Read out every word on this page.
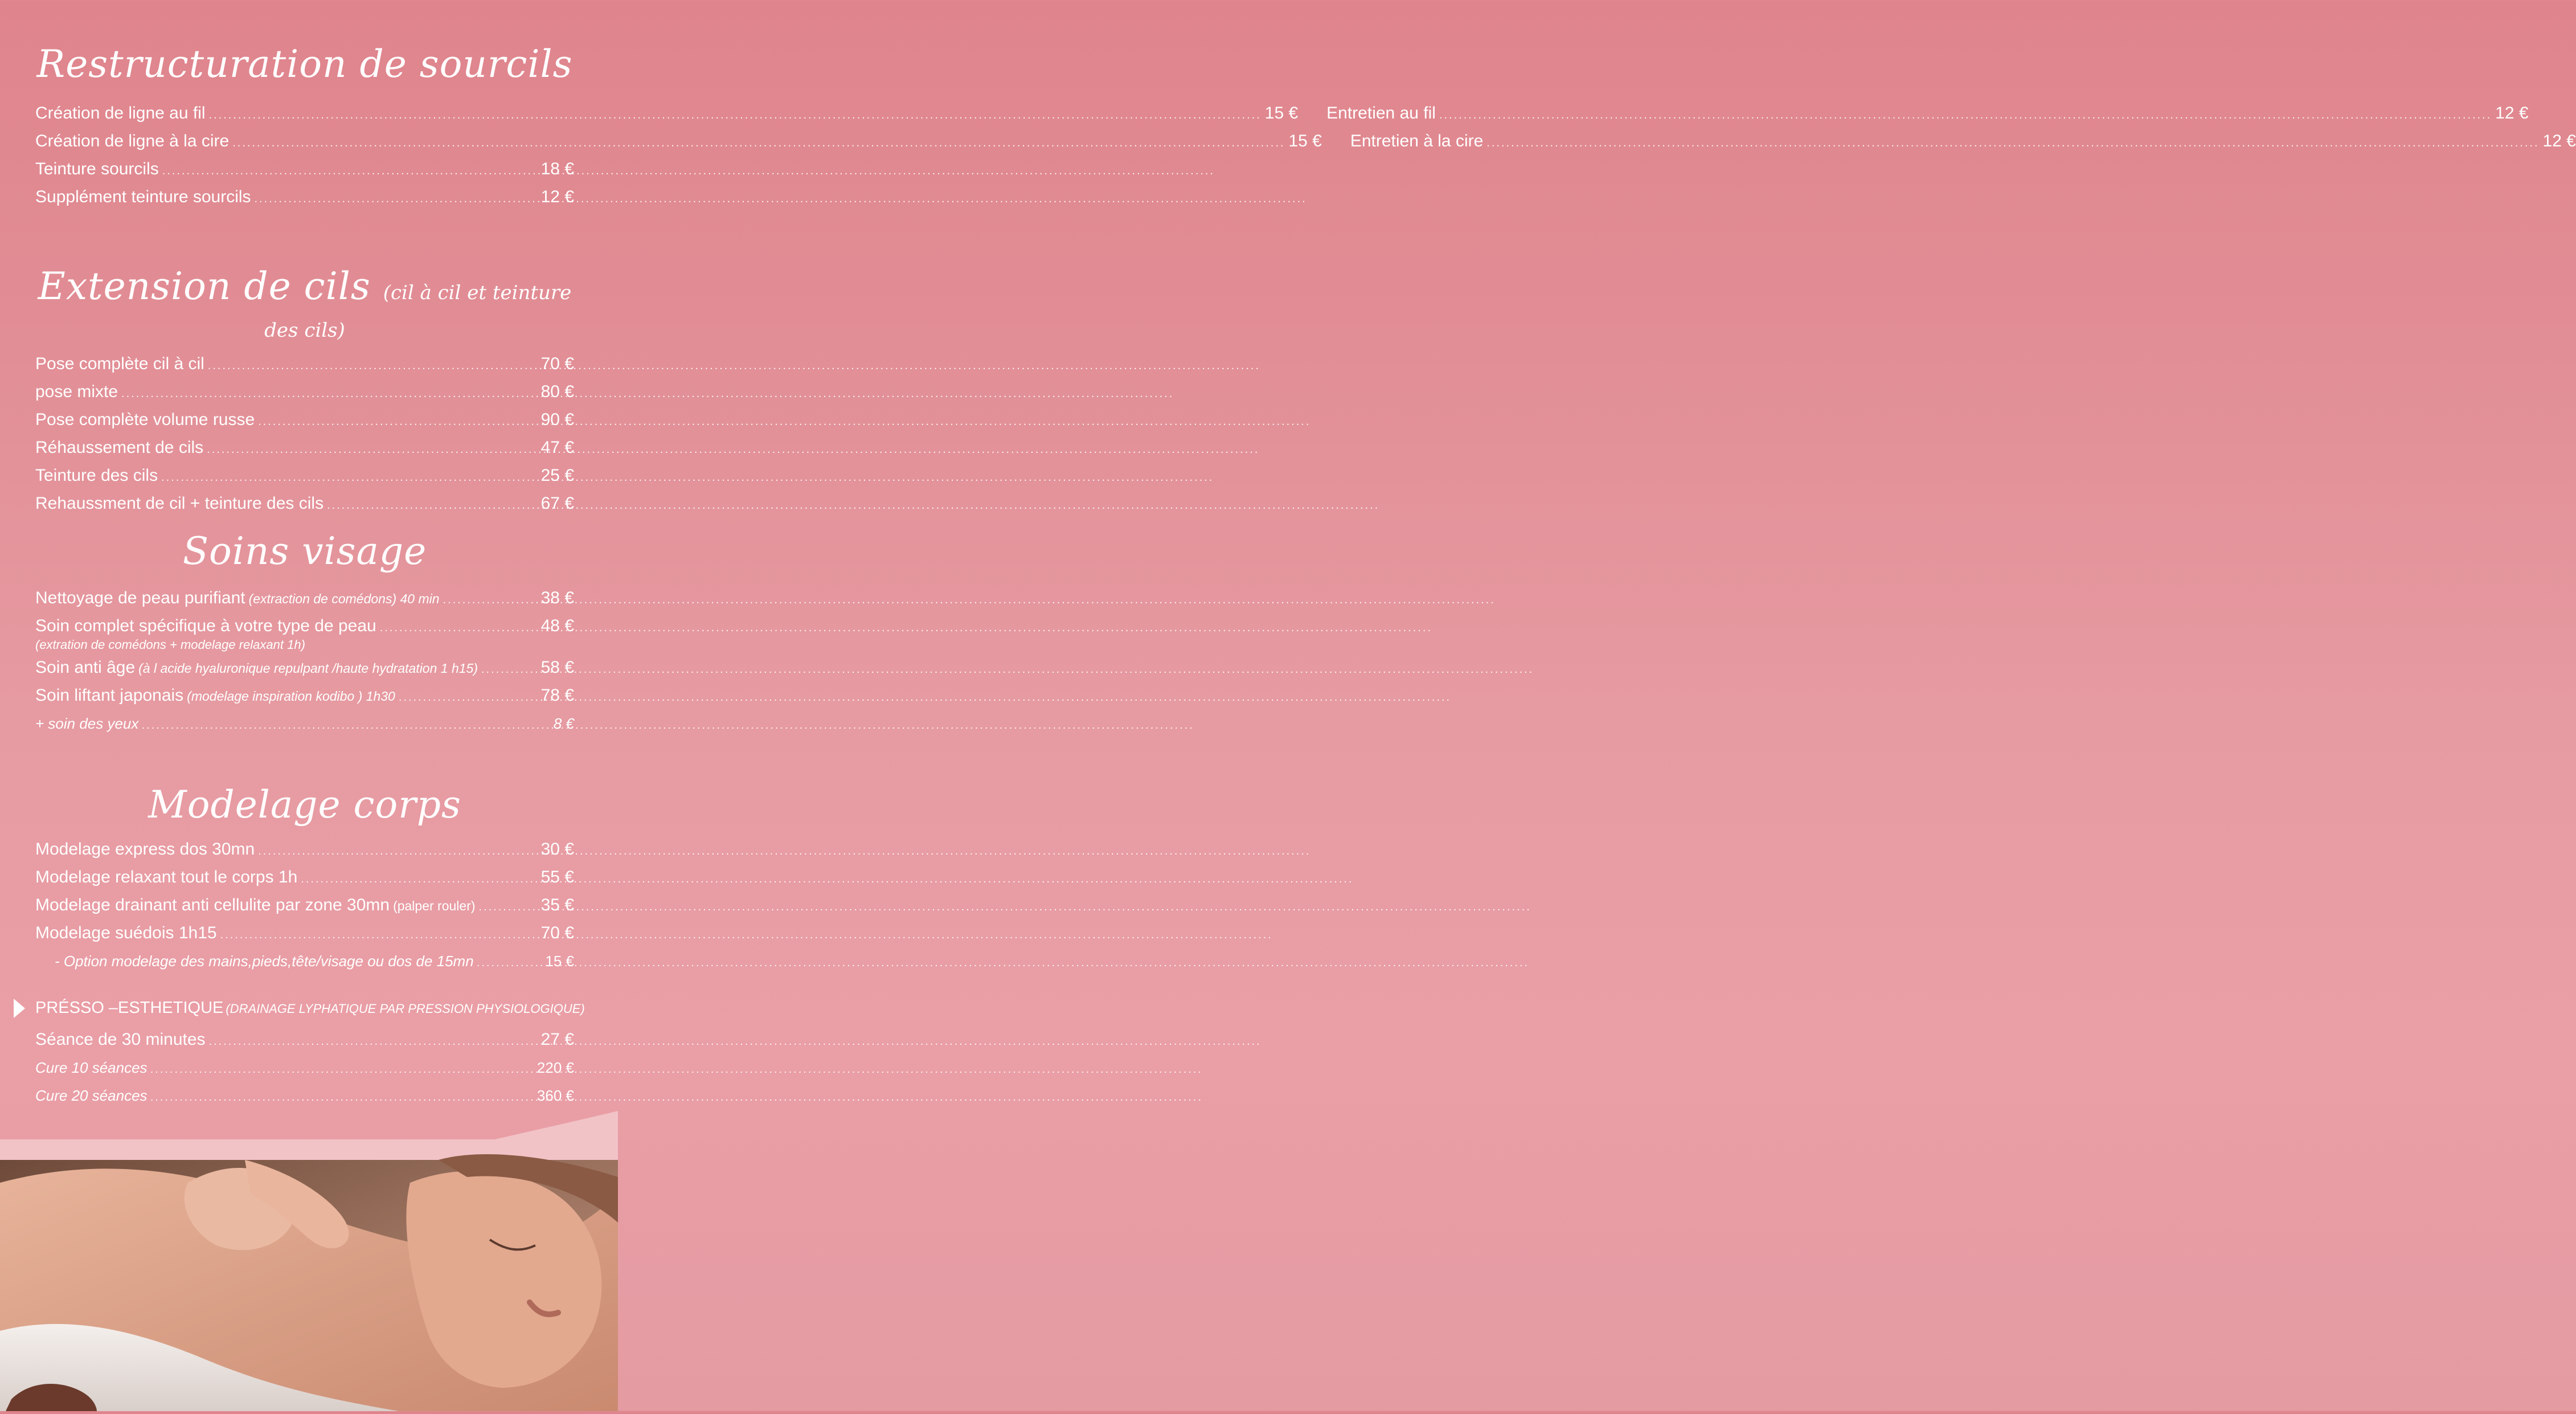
Restructuration de sourcils
Création de ligne au fil .....	15 € Entretien au fil .....	12 €
Création de ligne à la cire .....	15 € Entretien à la cire .....	12 €
Teinture sourcils .....	18 €
Supplément teinture sourcils .....	12 €
Extension de cils (cil à cil et teinture des cils)
Pose complète cil à cil .....	70 €
pose mixte .....	80 €
Pose complète volume russe .....	90 €
Réhaussement de cils .....	47 €
Teinture des cils .....	25 €
Rehaussment de cil + teinture des cils .....	67 €
Soins visage
Nettoyage de peau purifiant (extraction de comédons) 40 min .....	38 €
Soin complet spécifique à votre type de peau .....	48 €
(extration de comédons + modelage relaxant 1h)
Soin anti âge (à l acide hyaluronique repulpant /haute hydratation 1 h15) .....	58 €
Soin liftant japonais (modelage inspiration kodibo ) 1h30 .....	78 €
+ soin des yeux .....	8 €
Modelage corps
Modelage express dos 30mn .....	30 €
Modelage relaxant tout le corps 1h .....	55 €
Modelage drainant anti cellulite par zone 30mn (palper rouler) .....	35 €
Modelage suédois 1h15 .....	70 €
- Option modelage des mains,pieds,tête/visage ou dos de 15mn .....	15 €
PRÉSSO –ESTHETIQUE (DRAINAGE LYPHATIQUE PAR PRESSION PHYSIOLOGIQUE)
Séance de 30 minutes .....	27 €
Cure 10 séances .....	220 €
Cure 20 séances .....	360 €
